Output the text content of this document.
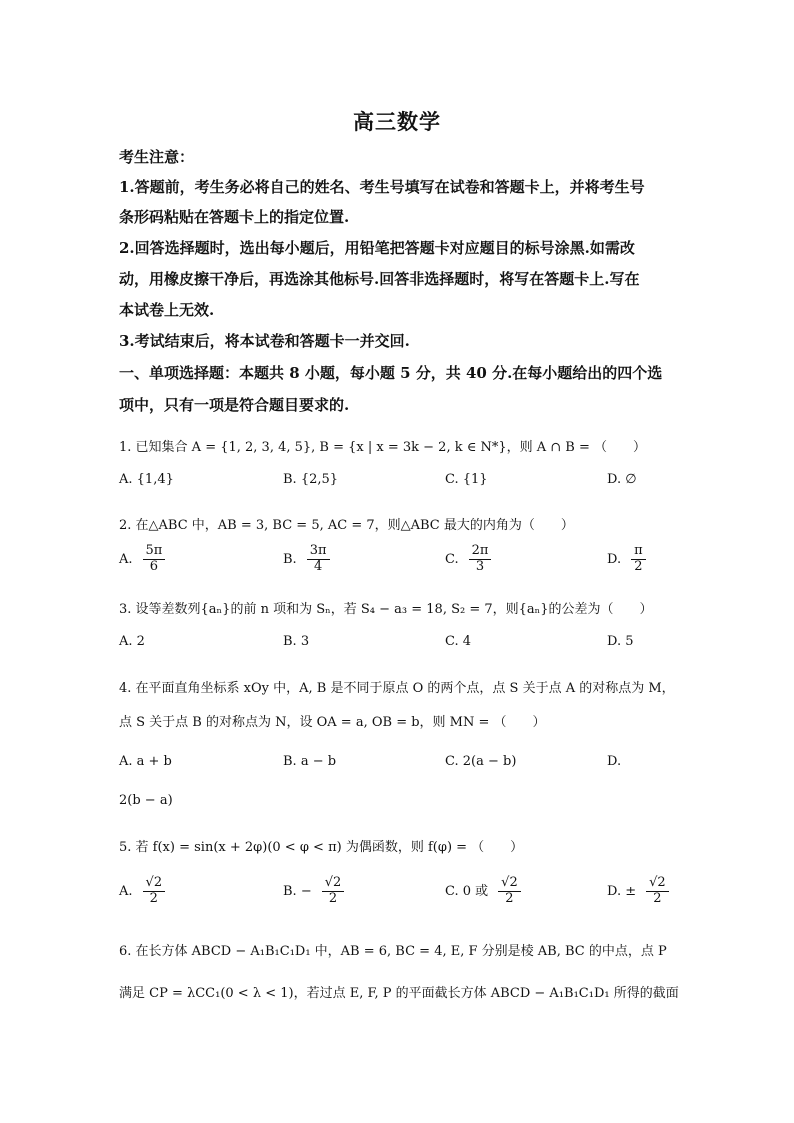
高三数学
考生注意：
1.答题前，考生务必将自己的姓名、考生号填写在试卷和答题卡上，并将考生号
条形码粘贴在答题卡上的指定位置.
2.回答选择题时，选出每小题后，用铅笔把答题卡对应题目的标号涂黑.如需改
动，用橡皮擦干净后，再选涂其他标号.回答非选择题时，将写在答题卡上.写在
本试卷上无效.
3.考试结束后，将本试卷和答题卡一并交回.
一、单项选择题：本题共 8 小题，每小题 5 分，共 40 分.在每小题给出的四个选
项中，只有一项是符合题目要求的.
1. 已知集合 A = {1, 2, 3, 4, 5}, B = {x | x = 3k − 2, k ∈ N*}，则 A ∩ B = （　　）
A. {1,4}	B. {2,5}	C. {1}	D. ∅
2. 在△ABC 中，AB = 3, BC = 5, AC = 7，则△ABC 最大的内角为（　　）
A. $\frac{5\pi}{6}$	B. $\frac{3\pi}{4}$	C. $\frac{2\pi}{3}$	D. $\frac{\pi}{2}$
3. 设等差数列{aₙ}的前 n 项和为 Sₙ，若 S₄ − a₃ = 18, S₂ = 7，则{aₙ}的公差为（　　）
A. 2	B. 3	C. 4	D. 5
4. 在平面直角坐标系 xOy 中，A, B 是不同于原点 O 的两个点，点 S 关于点 A 的对称点为 M，
点 S 关于点 B 的对称点为 N，设 OA = a, OB = b，则 MN = （　　）
A. a + b	B. a − b	C. 2(a − b)	D.
2(b − a)
5. 若 f(x) = sin(x + 2φ)(0 < φ < π) 为偶函数，则 f(φ) = （　　）
A. $\frac{√2}{2}$	B. − $\frac{√2}{2}$	C. 0 或 $\frac{√2}{2}$	D. ± $\frac{√2}{2}$
6. 在长方体 ABCD − A₁B₁C₁D₁ 中，AB = 6, BC = 4, E, F 分别是棱 AB, BC 的中点，点 P
满足 CP = λCC₁(0 < λ < 1)，若过点 E, F, P 的平面截长方体 ABCD − A₁B₁C₁D₁ 所得的截面
